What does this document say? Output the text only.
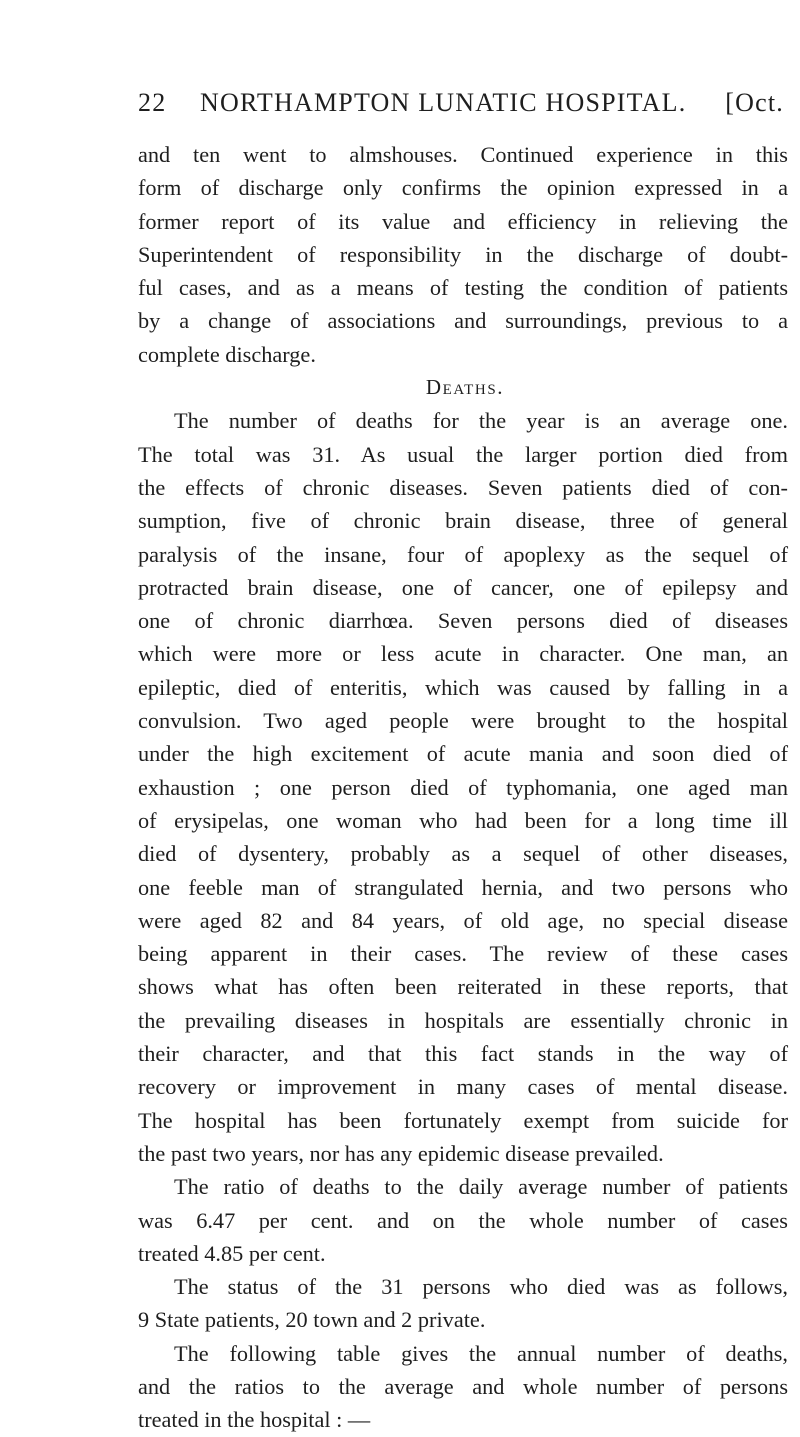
22 NORTHAMPTON LUNATIC HOSPITAL. [Oct.
and ten went to almshouses. Continued experience in this
form of discharge only confirms the opinion expressed in a
former report of its value and efficiency in relieving the
Superintendent of responsibility in the discharge of doubt-
ful cases, and as a means of testing the condition of patients
by a change of associations and surroundings, previous to a
complete discharge.
Deaths.
The number of deaths for the year is an average one.
The total was 31. As usual the larger portion died from
the effects of chronic diseases. Seven patients died of con-
sumption, five of chronic brain disease, three of general
paralysis of the insane, four of apoplexy as the sequel of
protracted brain disease, one of cancer, one of epilepsy and
one of chronic diarrhœa. Seven persons died of diseases
which were more or less acute in character. One man, an
epileptic, died of enteritis, which was caused by falling in a
convulsion. Two aged people were brought to the hospital
under the high excitement of acute mania and soon died of
exhaustion ; one person died of typhomania, one aged man
of erysipelas, one woman who had been for a long time ill
died of dysentery, probably as a sequel of other diseases,
one feeble man of strangulated hernia, and two persons who
were aged 82 and 84 years, of old age, no special disease
being apparent in their cases. The review of these cases
shows what has often been reiterated in these reports, that
the prevailing diseases in hospitals are essentially chronic in
their character, and that this fact stands in the way of
recovery or improvement in many cases of mental disease.
The hospital has been fortunately exempt from suicide for
the past two years, nor has any epidemic disease prevailed.
The ratio of deaths to the daily average number of patients
was 6.47 per cent. and on the whole number of cases
treated 4.85 per cent.
The status of the 31 persons who died was as follows,
9 State patients, 20 town and 2 private.
The following table gives the annual number of deaths,
and the ratios to the average and whole number of persons
treated in the hospital : —
